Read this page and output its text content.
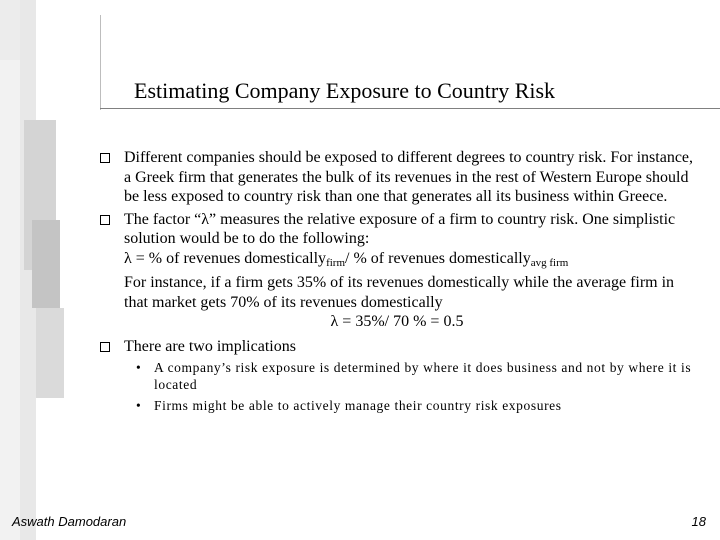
Estimating Company Exposure to Country Risk
Different companies should be exposed to different degrees to country risk. For instance, a Greek firm that generates the bulk of its revenues in the rest of Western Europe should be less exposed to country risk than one that generates all its business within Greece.
The factor “λ” measures the relative exposure of a firm to country risk. One simplistic solution would be to do the following:
λ = % of revenues domestically$_{firm}$/ % of revenues domestically$_{avg firm}$
For instance, if a firm gets 35% of its revenues domestically while the average firm in that market gets 70% of its revenues domestically
λ = 35%/ 70 % = 0.5
There are two implications
• A company’s risk exposure is determined by where it does business and not by where it is located
• Firms might be able to actively manage their country risk exposures
Aswath Damodaran	18
